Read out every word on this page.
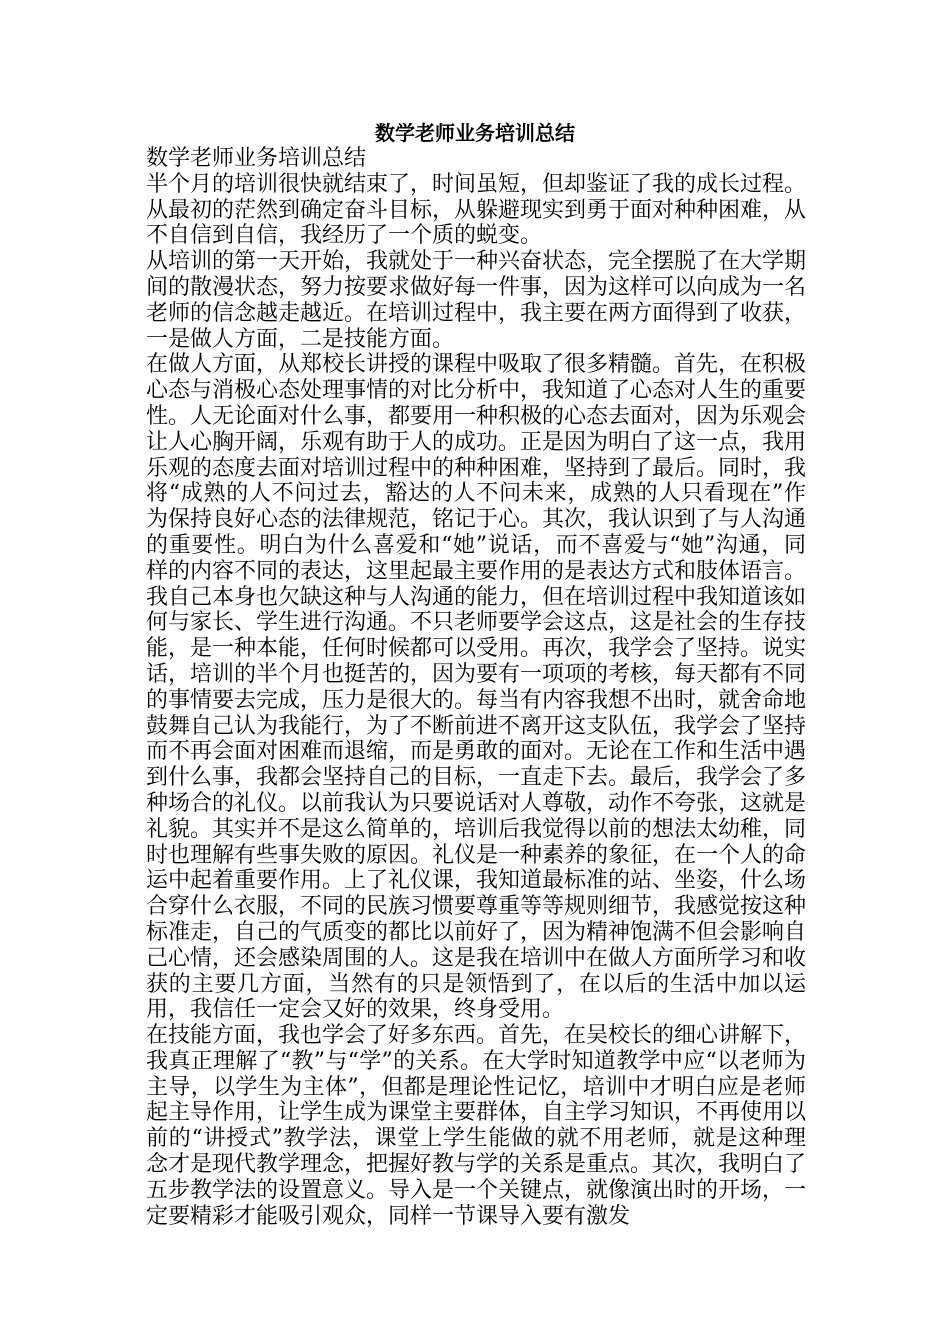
数学老师业务培训总结

数学老师业务培训总结

半个月的培训很快就结束了，时间虽短，但却鉴证了我的成长过程。从最初的茫然到确定奋斗目标，从躲避现实到勇于面对种种困难，从不自信到自信，我经历了一个质的蜕变。

从培训的第一天开始，我就处于一种兴奋状态，完全摆脱了在大学期间的散漫状态，努力按要求做好每一件事，因为这样可以向成为一名老师的信念越走越近。在培训过程中，我主要在两方面得到了收获，一是做人方面，二是技能方面。

在做人方面，从郑校长讲授的课程中吸取了很多精髓。首先，在积极心态与消极心态处理事情的对比分析中，我知道了心态对人生的重要性。人无论面对什么事，都要用一种积极的心态去面对，因为乐观会让人心胸开阔，乐观有助于人的成功。正是因为明白了这一点，我用乐观的态度去面对培训过程中的种种困难，坚持到了最后。同时，我将“成熟的人不问过去，豁达的人不问未来，成熟的人只看现在”作为保持良好心态的法律规范，铭记于心。其次，我认识到了与人沟通的重要性。明白为什么喜爱和“她”说话，而不喜爱与“她”沟通，同样的内容不同的表达，这里起最主要作用的是表达方式和肢体语言。我自己本身也欠缺这种与人沟通的能力，但在培训过程中我知道该如何与家长、学生进行沟通。不只老师要学会这点，这是社会的生存技能，是一种本能，任何时候都可以受用。再次，我学会了坚持。说实话，培训的半个月也挺苦的，因为要有一项项的考核，每天都有不同的事情要去完成，压力是很大的。每当有内容我想不出时，就舍命地鼓舞自己认为我能行，为了不断前进不离开这支队伍，我学会了坚持而不再会面对困难而退缩，而是勇敢的面对。无论在工作和生活中遇到什么事，我都会坚持自己的目标，一直走下去。最后，我学会了多种场合的礼仪。以前我认为只要说话对人尊敬，动作不夸张，这就是礼貌。其实并不是这么简单的，培训后我觉得以前的想法太幼稚，同时也理解有些事失败的原因。礼仪是一种素养的象征，在一个人的命运中起着重要作用。上了礼仪课，我知道最标准的站、坐姿，什么场合穿什么衣服，不同的民族习惯要尊重等等规则细节，我感觉按这种标准走，自己的气质变的都比以前好了，因为精神饱满不但会影响自己心情，还会感染周围的人。这是我在培训中在做人方面所学习和收获的主要几方面，当然有的只是领悟到了，在以后的生活中加以运用，我信任一定会又好的效果，终身受用。

在技能方面，我也学会了好多东西。首先，在吴校长的细心讲解下，我真正理解了“教”与“学”的关系。在大学时知道教学中应“以老师为主导，以学生为主体”，但都是理论性记忆，培训中才明白应是老师起主导作用，让学生成为课堂主要群体，自主学习知识，不再使用以前的“讲授式”教学法，课堂上学生能做的就不用老师，就是这种理念才是现代教学理念，把握好教与学的关系是重点。其次，我明白了五步教学法的设置意义。导入是一个关键点，就像演出时的开场，一定要精彩才能吸引观众，同样一节课导入要有激发
